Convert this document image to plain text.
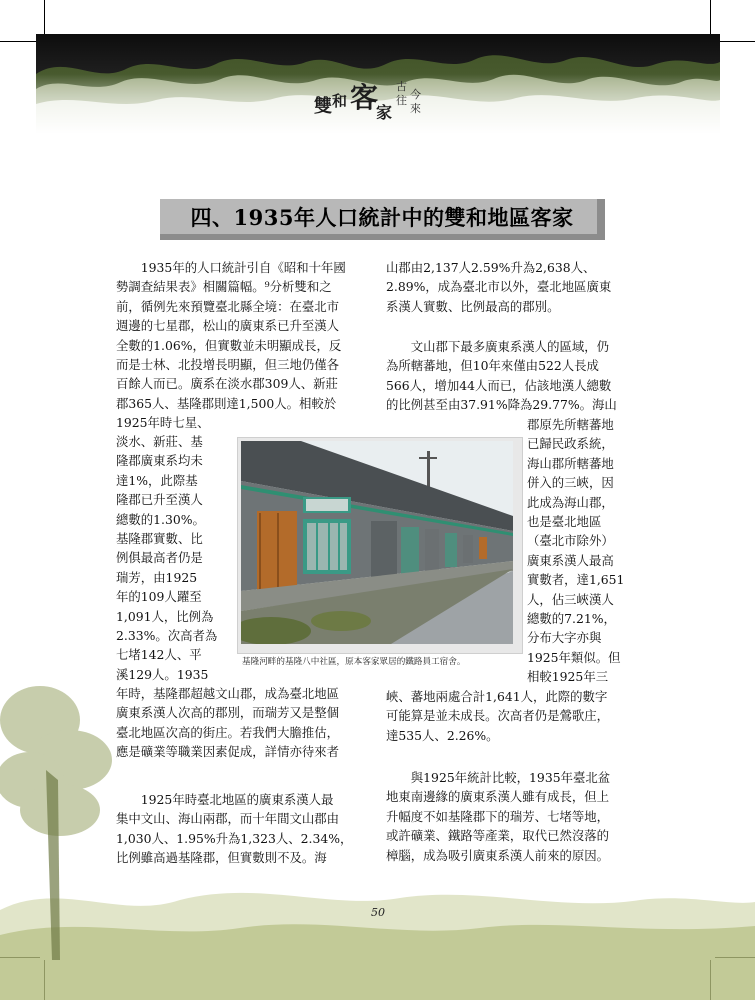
雙 和 客
家
古
往 今
來
四、1935年人口統計中的雙和地區客家
　　1935年的人口統計引自《昭和十年國
勢調查結果表》相關篇幅。⁹分析雙和之
前，循例先來預覽臺北縣全境：在臺北市
週邊的七星郡，松山的廣東系已升至漢人
全數的1.06%，但實數並未明顯成長，反
而是士林、北投增長明顯，但三地仍僅各
百餘人而已。廣系在淡水郡309人、新莊
郡365人、基隆郡則達1,500人。相較於
1925年時七星、
淡水、新莊、基
隆郡廣東系均未
達1%，此際基
隆郡已升至漢人
總數的1.30%。
基隆郡實數、比
例俱最高者仍是
瑞芳，由1925
年的109人躍至
1,091人，比例為
2.33%。次高者為
七堵142人、平
溪129人。1935
年時，基隆郡超越文山郡，成為臺北地區
廣東系漢人次高的郡別，而瑞芳又是整個
臺北地區次高的街庄。若我們大膽推估，
應是礦業等職業因素促成，詳情亦待來者
　　1925年時臺北地區的廣東系漢人最
集中文山、海山兩郡，而十年間文山郡由
1,030人、1.95%升為1,323人、2.34%，
比例雖高過基隆郡，但實數則不及。海
山郡由2,137人2.59%升為2,638人、
2.89%，成為臺北市以外，臺北地區廣東
系漢人實數、比例最高的郡別。
　　文山郡下最多廣東系漢人的區域，仍
為所轄蕃地，但10年來僅由522人長成
566人，增加44人而已，佔該地漢人總數
的比例甚至由37.91%降為29.77%。海山
郡原先所轄蕃地
已歸民政系統，
海山郡所轄蕃地
併入的三峽，因
此成為海山郡，
也是臺北地區
（臺北市除外）
廣東系漢人最高
實數者，達1,651
人，佔三峽漢人
總數的7.21%，
分布大字亦與
1925年類似。但
相較1925年三
峽、蕃地兩處合計1,641人，此際的數字
可能算是並未成長。次高者仍是鶯歌庄，
達535人、2.26%。
　　與1925年統計比較，1935年臺北盆
地東南邊緣的廣東系漢人雖有成長，但上
升幅度不如基隆郡下的瑞芳、七堵等地，
或許礦業、鐵路等產業，取代已然沒落的
樟腦，成為吸引廣東系漢人前來的原因。
基隆河畔的基隆八中社區，原本客家眾居的鐵路員工宿舍。
50
